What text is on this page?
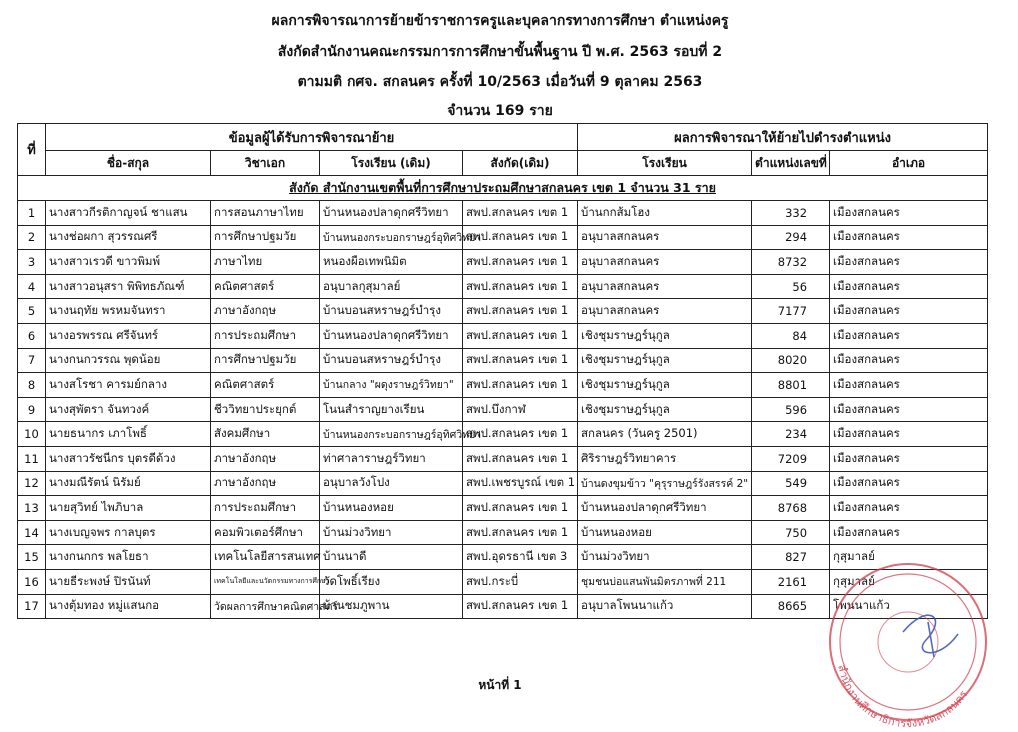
ผลการพิจารณาการย้ายข้าราชการครูและบุคลากรทางการศึกษา ตำแหน่งครู
สังกัดสำนักงานคณะกรรมการการศึกษาขั้นพื้นฐาน ปี พ.ศ. 2563 รอบที่ 2
ตามมติ กศจ. สกลนคร ครั้งที่ 10/2563 เมื่อวันที่ 9 ตุลาคม 2563
จำนวน 169 ราย
ที่	ข้อมูลผู้ได้รับการพิจารณาย้าย				ผลการพิจารณาให้ย้ายไปดำรงตำแหน่ง		
	ชื่อ-สกุล	วิชาเอก	โรงเรียน (เดิม)	สังกัด(เดิม)	โรงเรียน	ตำแหน่งเลขที่	อำเภอ
สังกัด สำนักงานเขตพื้นที่การศึกษาประถมศึกษาสกลนคร เขต 1 จำนวน 31 ราย							
1	นางสาวกีรติกาญจน์ ชาแสน	การสอนภาษาไทย	บ้านหนองปลาดุกศรีวิทยา	สพป.สกลนคร เขต 1	บ้านกกส้มโฮง	332	เมืองสกลนคร
2	นางช่อผกา สุวรรณศรี	การศึกษาปฐมวัย	บ้านหนองกระบอกราษฎร์อุทิศวิทยา	สพป.สกลนคร เขต 1	อนุบาลสกลนคร	294	เมืองสกลนคร
3	นางสาวเรวดี ขาวพิมพ์	ภาษาไทย	หนองผือเทพนิมิต	สพป.สกลนคร เขต 1	อนุบาลสกลนคร	8732	เมืองสกลนคร
4	นางสาวอนุสรา พิพิทธภัณฑ์	คณิตศาสตร์	อนุบาลกุสุมาลย์	สพป.สกลนคร เขต 1	อนุบาลสกลนคร	56	เมืองสกลนคร
5	นางนฤทัย พรหมจันทรา	ภาษาอังกฤษ	บ้านบอนสหราษฎร์บำรุง	สพป.สกลนคร เขต 1	อนุบาลสกลนคร	7177	เมืองสกลนคร
6	นางอรพรรณ ศรีจันทร์	การประถมศึกษา	บ้านหนองปลาดุกศรีวิทยา	สพป.สกลนคร เขต 1	เชิงชุมราษฎร์นุกูล	84	เมืองสกลนคร
7	นางกนกวรรณ พุดน้อย	การศึกษาปฐมวัย	บ้านบอนสหราษฎร์บำรุง	สพป.สกลนคร เขต 1	เชิงชุมราษฎร์นุกูล	8020	เมืองสกลนคร
8	นางสโรชา คารมย์กลาง	คณิตศาสตร์	บ้านกลาง "ผดุงราษฎร์วิทยา"	สพป.สกลนคร เขต 1	เชิงชุมราษฎร์นุกูล	8801	เมืองสกลนคร
9	นางสุพัตรา จันทวงค์	ชีววิทยาประยุกต์	โนนสำราญยางเรียน	สพป.บึงกาฬ	เชิงชุมราษฎร์นุกูล	596	เมืองสกลนคร
10	นายธนากร เภาโพธิ์	สังคมศึกษา	บ้านหนองกระบอกราษฎร์อุทิศวิทยา	สพป.สกลนคร เขต 1	สกลนคร (วันครู 2501)	234	เมืองสกลนคร
11	นางสาวรัชนีกร บุตรดีด้วง	ภาษาอังกฤษ	ท่าศาลาราษฎร์วิทยา	สพป.สกลนคร เขต 1	ศิริราษฎร์วิทยาคาร	7209	เมืองสกลนคร
12	นางมณีรัตน์ นิรัมย์	ภาษาอังกฤษ	อนุบาลวังโปง	สพป.เพชรบูรณ์ เขต 1	บ้านดงขุมข้าว "คุรุราษฎร์รังสรรค์ 2"	549	เมืองสกลนคร
13	นายสุวิทย์ ไพภิบาล	การประถมศึกษา	บ้านหนองหอย	สพป.สกลนคร เขต 1	บ้านหนองปลาดุกศรีวิทยา	8768	เมืองสกลนคร
14	นางเบญจพร กาลบุตร	คอมพิวเตอร์ศึกษา	บ้านม่วงวิทยา	สพป.สกลนคร เขต 1	บ้านหนองหอย	750	เมืองสกลนคร
15	นางกนกกร พลโยธา	เทคโนโลยีสารสนเทศ	บ้านนาดี	สพป.อุดรธานี เขต 3	บ้านม่วงวิทยา	827	กุสุมาลย์
16	นายธีระพงษ์ ปิรนันท์	เทคโนโลยีและนวัตกรรมทางการศึกษา	วัดโพธิ์เรียง	สพป.กระบี่	ชุมชนบ่อแสนพันมิตรภาพที่ 211	2161	กุสุมาลย์
17	นางตุ้มทอง หมู่แสนกอ	วัดผลการศึกษาคณิตศาสตร์	บ้านชมภูพาน	สพป.สกลนคร เขต 1	อนุบาลโพนนาแก้ว	8665	โพนนาแก้ว
สำนักงานศึกษาธิการจังหวัดสกลนคร
หน้าที่ 1
